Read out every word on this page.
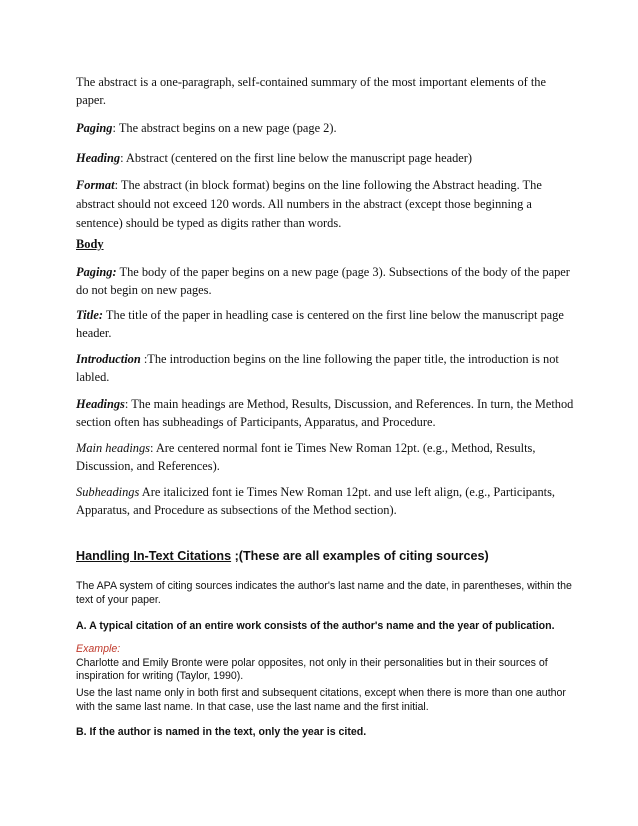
The abstract is a one-paragraph, self-contained summary of the most important elements of the paper.

Paging: The abstract begins on a new page (page 2).

Heading: Abstract (centered on the first line below the manuscript page header)

Format: The abstract (in block format) begins on the line following the Abstract heading. The abstract should not exceed 120 words. All numbers in the abstract (except those beginning a sentence) should be typed as digits rather than words.

Body

Paging: The body of the paper begins on a new page (page 3). Subsections of the body of the paper do not begin on new pages.

Title: The title of the paper in headling case is centered on the first line below the manuscript page header.

Introduction :The introduction begins on the line following the paper title, the introduction is not labled.

Headings: The main headings are Method, Results, Discussion, and References. In turn, the Method section often has subheadings of Participants, Apparatus, and Procedure.

Main headings: Are centered normal font ie Times New Roman 12pt. (e.g., Method, Results, Discussion, and References).

Subheadings Are italicized font ie Times New Roman 12pt. and use left align, (e.g., Participants, Apparatus, and Procedure as subsections of the Method section).

Handling In-Text Citations ;(These are all examples of citing sources)

The APA system of citing sources indicates the author's last name and the date, in parentheses, within the text of your paper.

A. A typical citation of an entire work consists of the author's name and the year of publication.

Example:
Charlotte and Emily Bronte were polar opposites, not only in their personalities but in their sources of inspiration for writing (Taylor, 1990).

Use the last name only in both first and subsequent citations, except when there is more than one author with the same last name. In that case, use the last name and the first initial.

B. If the author is named in the text, only the year is cited.
